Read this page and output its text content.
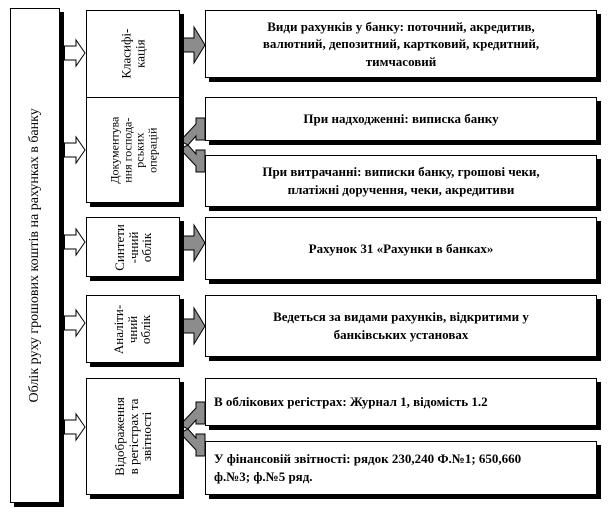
Облік руху грошових коштів на рахунках в банку
Класифі-
кація
Види рахунків у банку: поточний, акредитив,
валютний, депозитний, картковий, кредитний,
тимчасовий
Документува
ння господа-
рських
операцій
При надходженні: виписка банку
При витрачанні: виписки банку, грошові чеки,
платіжні доручення, чеки, акредитиви
Синтети
-чний
облік	Рахунок 31 «Рахунки в банках»
Аналіти-
чний
облік	Ведеться за видами рахунків, відкритими у
банківських установах
Відображення
в регістрах та
звітності
В облікових регістрах: Журнал 1, відомість 1.2
У фінансовій звітності: рядок 230,240 Ф.№1; 650,660
ф.№3; ф.№5 ряд.
